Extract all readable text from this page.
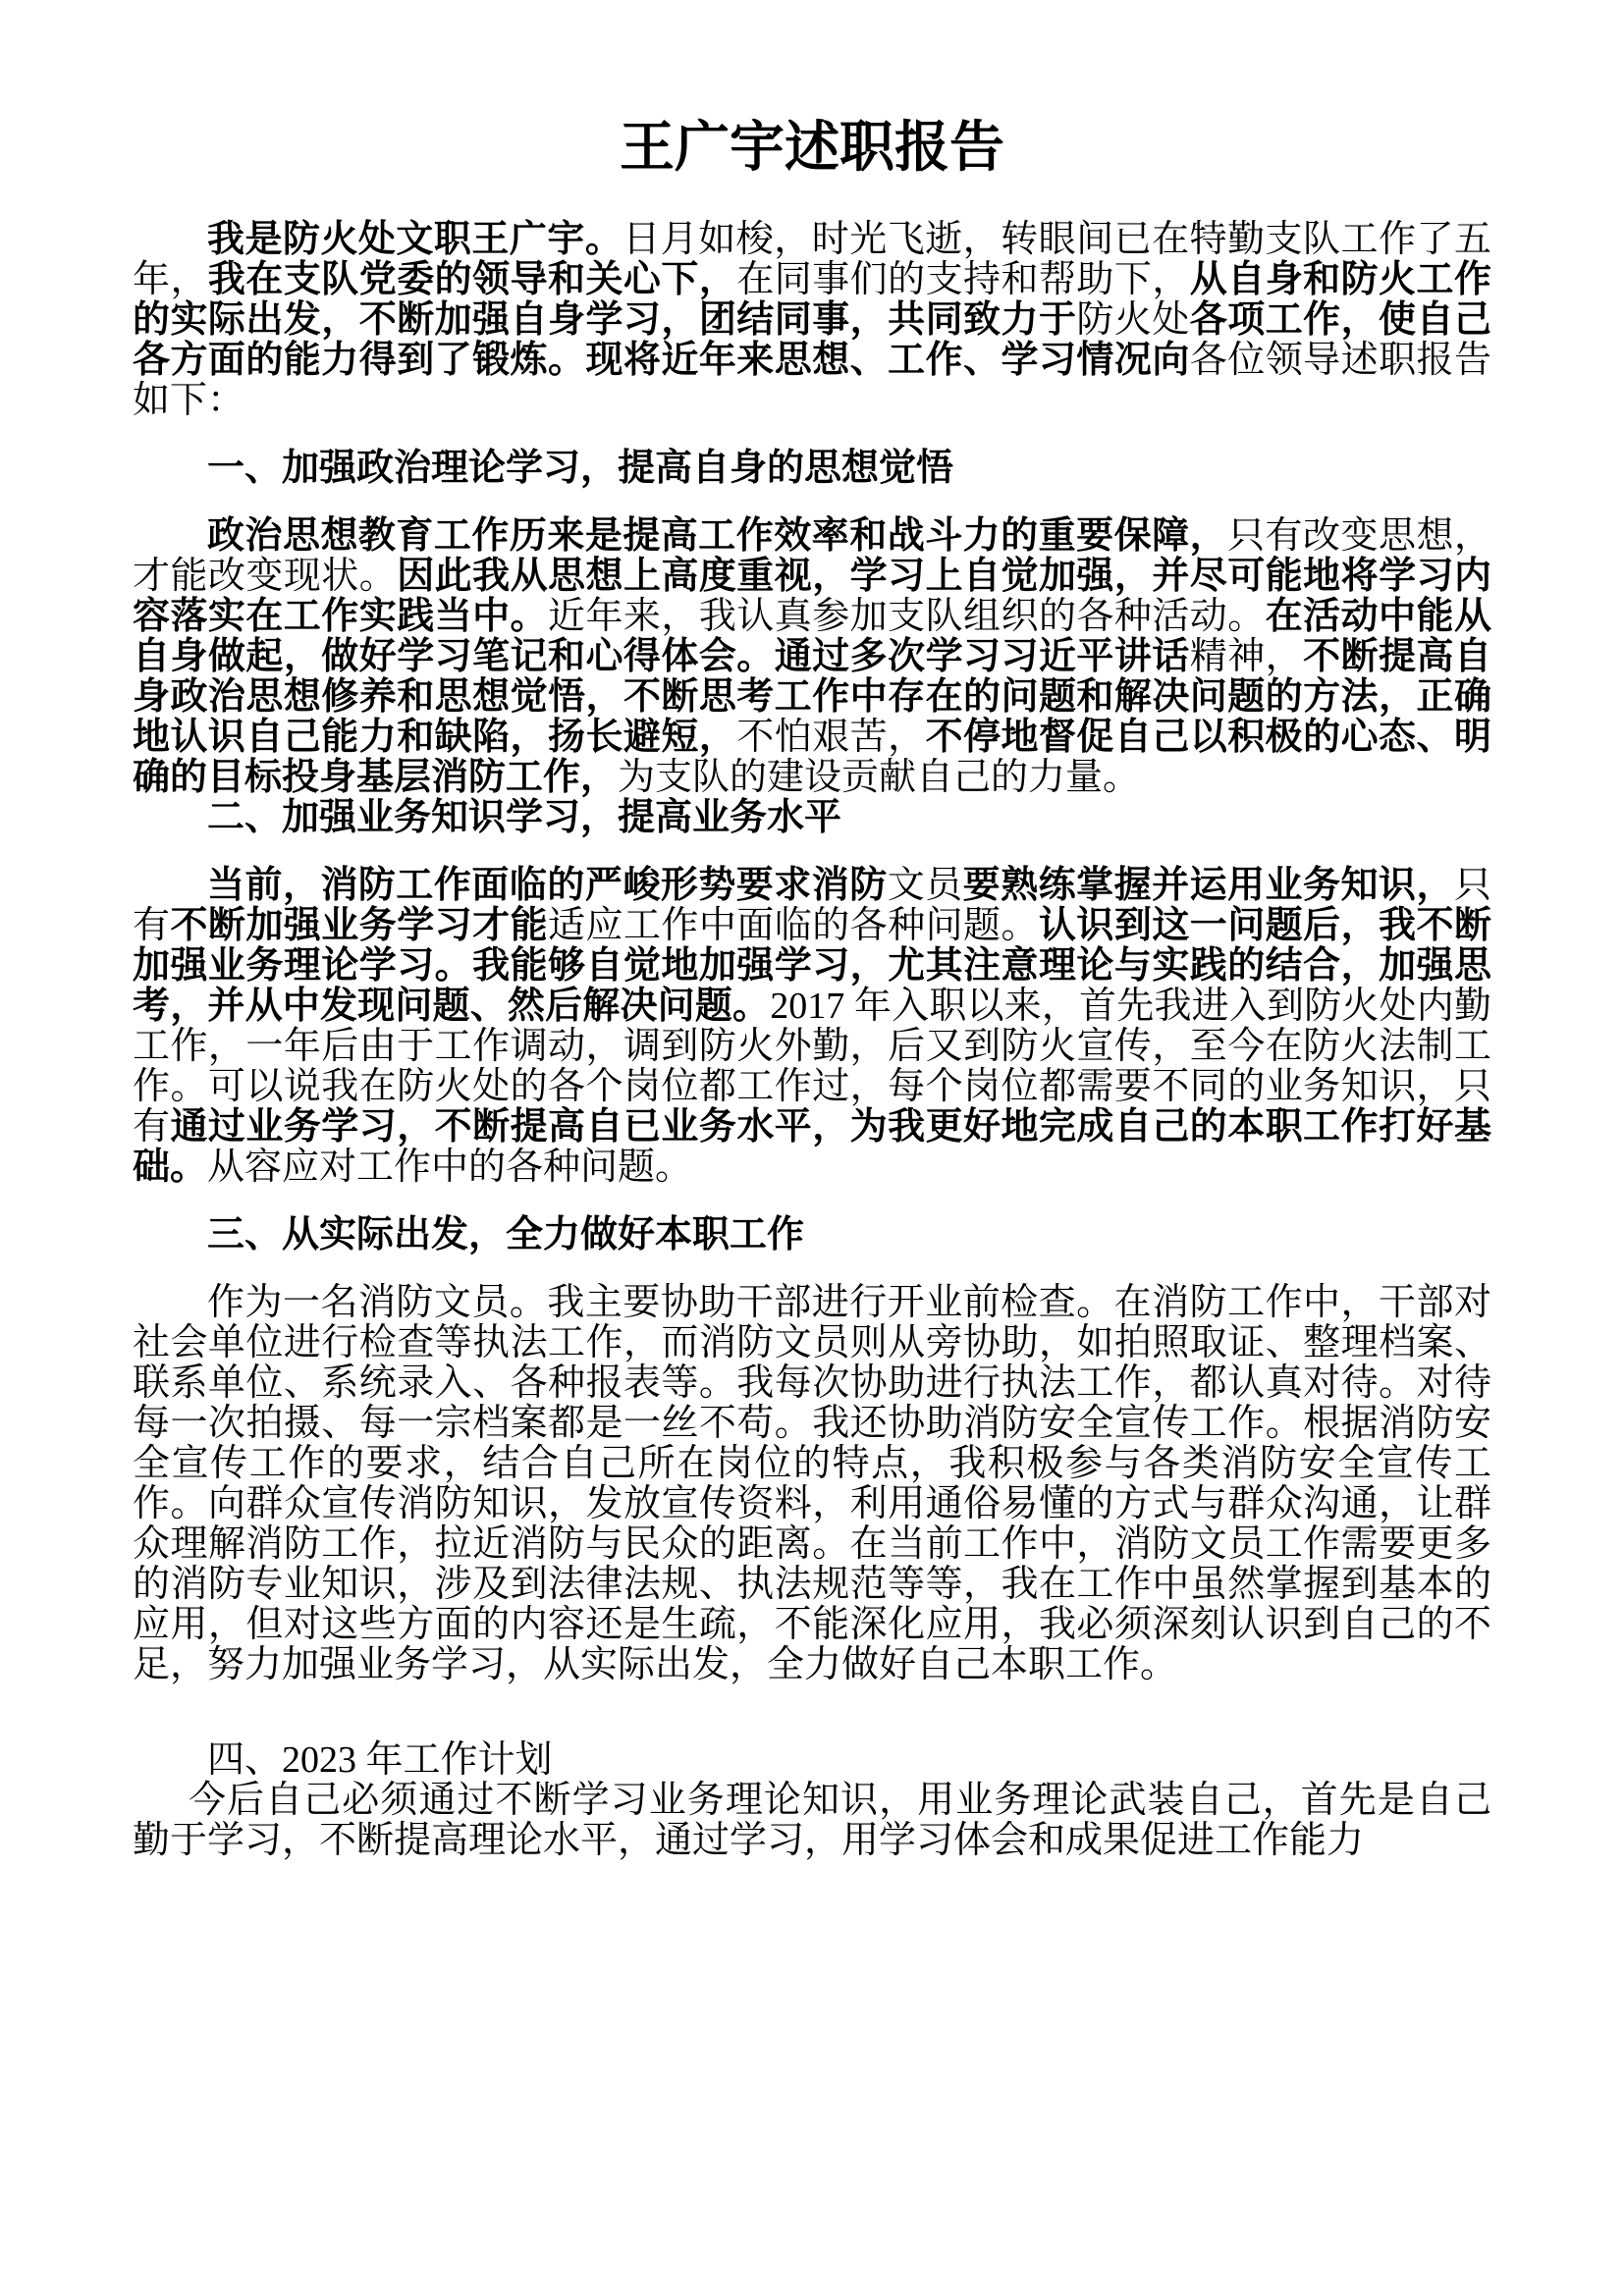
王广宇述职报告

我是防火处文职王广宇。日月如梭，时光飞逝，转眼间已在特勤支队工作了五年，我在支队党委的领导和关心下，在同事们的支持和帮助下，从自身和防火工作的实际出发，不断加强自身学习，团结同事，共同致力于防火处各项工作，使自己各方面的能力得到了锻炼。现将近年来思想、工作、学习情况向各位领导述职报告如下：

一、加强政治理论学习，提高自身的思想觉悟

政治思想教育工作历来是提高工作效率和战斗力的重要保障，只有改变思想，才能改变现状。因此我从思想上高度重视，学习上自觉加强，并尽可能地将学习内容落实在工作实践当中。近年来，我认真参加支队组织的各种活动。在活动中能从自身做起，做好学习笔记和心得体会。通过多次学习习近平讲话精神，不断提高自身政治思想修养和思想觉悟，不断思考工作中存在的问题和解决问题的方法，正确地认识自己能力和缺陷，扬长避短，不怕艰苦，不停地督促自己以积极的心态、明确的目标投身基层消防工作，为支队的建设贡献自己的力量。

二、加强业务知识学习，提高业务水平

当前，消防工作面临的严峻形势要求消防文员要熟练掌握并运用业务知识，只有不断加强业务学习才能适应工作中面临的各种问题。认识到这一问题后，我不断加强业务理论学习。我能够自觉地加强学习，尤其注意理论与实践的结合，加强思考，并从中发现问题、然后解决问题。2017 年入职以来，首先我进入到防火处内勤工作，一年后由于工作调动，调到防火外勤，后又到防火宣传，至今在防火法制工作。可以说我在防火处的各个岗位都工作过，每个岗位都需要不同的业务知识，只有通过业务学习，不断提高自已业务水平，为我更好地完成自己的本职工作打好基础。从容应对工作中的各种问题。

三、从实际出发，全力做好本职工作

作为一名消防文员。我主要协助干部进行开业前检查。在消防工作中，干部对社会单位进行检查等执法工作，而消防文员则从旁协助，如拍照取证、整理档案、联系单位、系统录入、各种报表等。我每次协助进行执法工作，都认真对待。对待每一次拍摄、每一宗档案都是一丝不苟。我还协助消防安全宣传工作。根据消防安全宣传工作的要求，结合自己所在岗位的特点，我积极参与各类消防安全宣传工作。向群众宣传消防知识，发放宣传资料，利用通俗易懂的方式与群众沟通，让群众理解消防工作，拉近消防与民众的距离。在当前工作中，消防文员工作需要更多的消防专业知识，涉及到法律法规、执法规范等等，我在工作中虽然掌握到基本的应用，但对这些方面的内容还是生疏，不能深化应用，我必须深刻认识到自己的不足，努力加强业务学习，从实际出发，全力做好自己本职工作。

四、2023 年工作计划

今后自己必须通过不断学习业务理论知识，用业务理论武装自己，首先是自己勤于学习，不断提高理论水平，通过学习，用学习体会和成果促进工作能力
